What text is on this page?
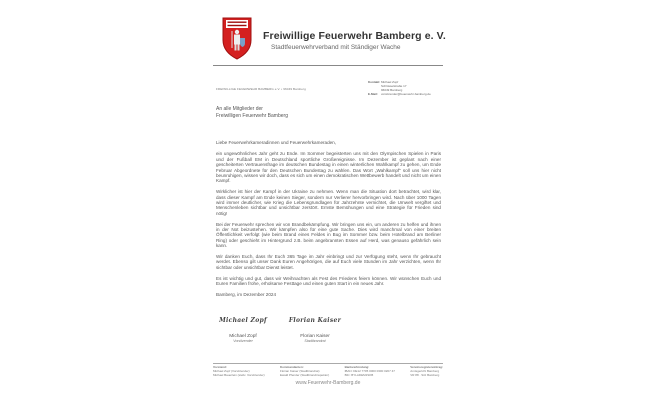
Freiwillige Feuerwehr Bamberg e. V.
Stadtfeuerwehrverband mit Ständiger Wache
FREIWILLIGE FEUERWEHR BAMBERG e.V. • 96049 Bamberg
Kontakt: Michael Zopf
Schlüsselstraße 17
96049 Bamberg
E-Mail:	vorsitzender@feuerwehr-bamberg.de
An alle Mitglieder der
Freiwilligen Feuerwehr Bamberg

Liebe Feuerwehrkameradinnen und Feuerwehrkameraden,

ein ungewöhnliches Jahr geht zu Ende. Im Sommer begeisterten uns mit den Olympischen Spielen in Paris und der Fußball EM in Deutschland sportliche Großereignisse. Im Dezember ist geplant nach einer gescheiterten Vertrauensfrage im deutschen Bundestag in einen winterlichen Wahlkampf zu gehen, um Ende Februar Abgeordnete für den Deutschen Bundestag zu wählen. Das Wort „Wahlkampf“ soll uns hier nicht beunruhigen, wissen wir doch, dass es sich um einen demokratischen Wettbewerb handelt und nicht um einen Kampf.

Wirklicher ist hier der Kampf in der Ukraine zu nehmen. Wenn man die Situation dort betrachtet, wird klar, dass dieser Kampf am Ende keinen Sieger, sondern nur Verlierer hervorbringen wird. Nach über 1000 Tagen wird immer deutlicher, wie Krieg die Lebensgrundlagen für Jahrzehnte vernichtet, die Umwelt vergiftet und Menschenleben sichtbar und unsichtbar zerstört. Ernste Bemühungen und eine Strategie für Frieden sind nötig!

Bei der Feuerwehr sprechen wir von Brandbekämpfung. Wir bringen uns ein, um anderen zu helfen und ihnen in der Not beizustehen. Wir kämpfen also für eine gute Sache. Dies wird manchmal von einer breiten Öffentlichkeit verfolgt (wie beim Brand eines Feldes in Bug im Sommer bzw. beim Hotelbrand am Berliner Ring) oder geschieht im Hintergrund z.B. beim angebrannten Essen auf Herd, was genauso gefährlich sein kann.

Wir danken Euch, dass Ihr Euch 365 Tage im Jahr einbringt und zur Verfügung steht, wenn Ihr gebraucht werdet. Ebenso gilt unser Dank Euren Angehörigen, die auf Euch viele Stunden im Jahr verzichten, wenn Ihr sichtbar oder unsichtbar Dienst leistet.

Es ist wichtig und gut, dass wir Weihnachten als Fest des Friedens feiern können. Wir wünschen Euch und Euren Familien frohe, erholsame Festtage und einen guten Start in ein neues Jahr.

Bamberg, im Dezember 2024

Michael Zopf
Michael Zopf
Vorsitzender
Florian Kaiser
Florian Kaiser
Stadtbrandrat
Vorstand:
Michael Zopf (Vorsitzender)
Michael Bauerlein (stellv. Vorsitzender)
Kommandanten:
Florian Kaiser (Stadtbrandrat)
Ewald Pfender (Stadtbrandinspektor)
Bankverbindung:
IBAN: DE12 7705 0000 0300 0207 47
BIC: BYLADEM1SKB
Vereinsregistereintrag:
Amtsgericht Bamberg
VR 88 · Sitz Bamberg
www.Feuerwehr-Bamberg.de
